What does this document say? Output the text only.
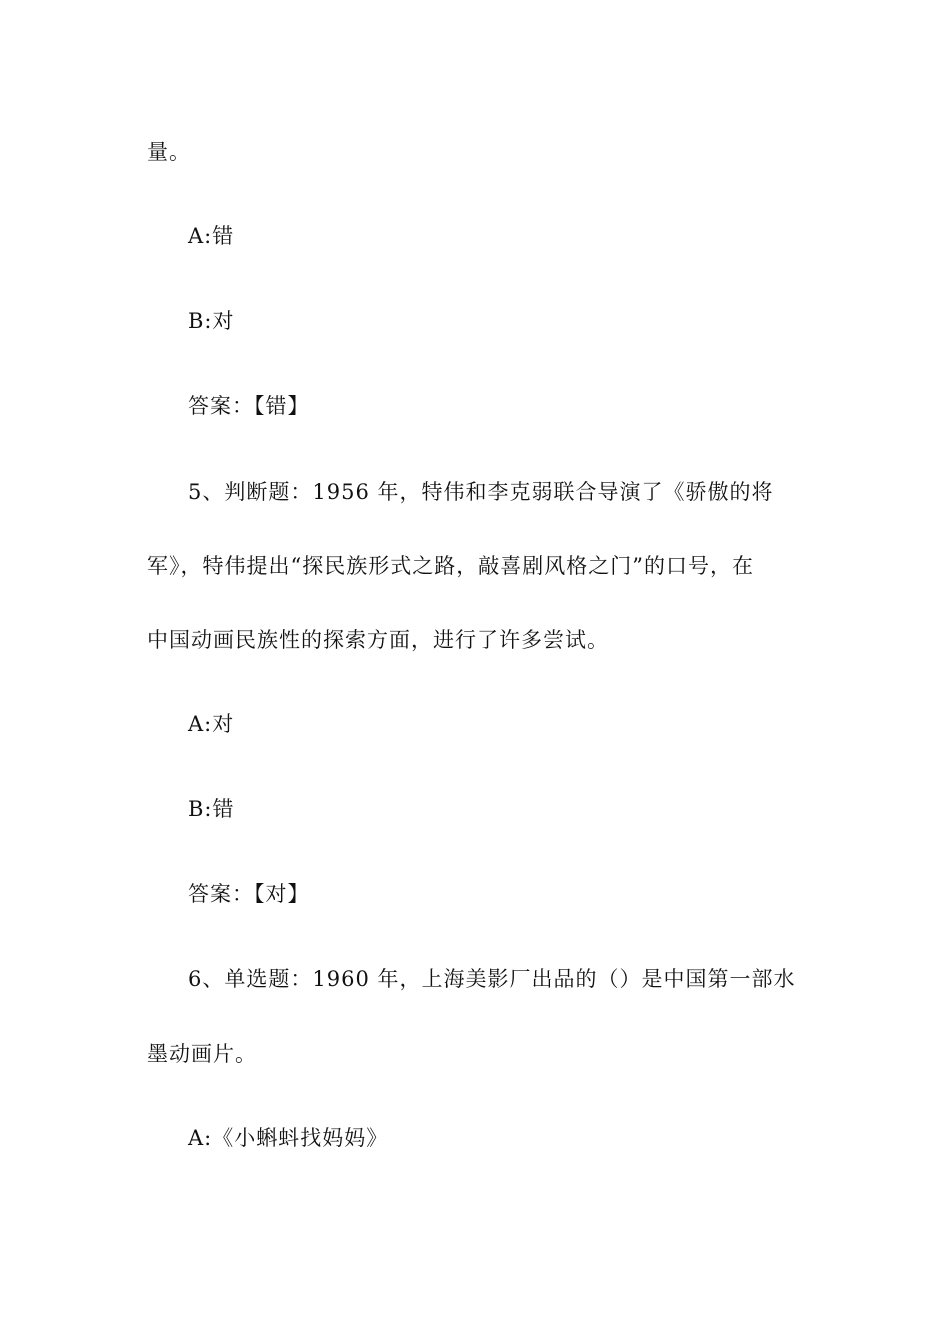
量。
A:错
B:对
答案：【错】
5、判断题：1956 年，特伟和李克弱联合导演了《骄傲的将
军》，特伟提出“探民族形式之路，敲喜剧风格之门”的口号，在
中国动画民族性的探索方面，进行了许多尝试。
A:对
B:错
答案：【对】
6、单选题：1960 年，上海美影厂出品的（）是中国第一部水
墨动画片。
A:《小蝌蚪找妈妈》
